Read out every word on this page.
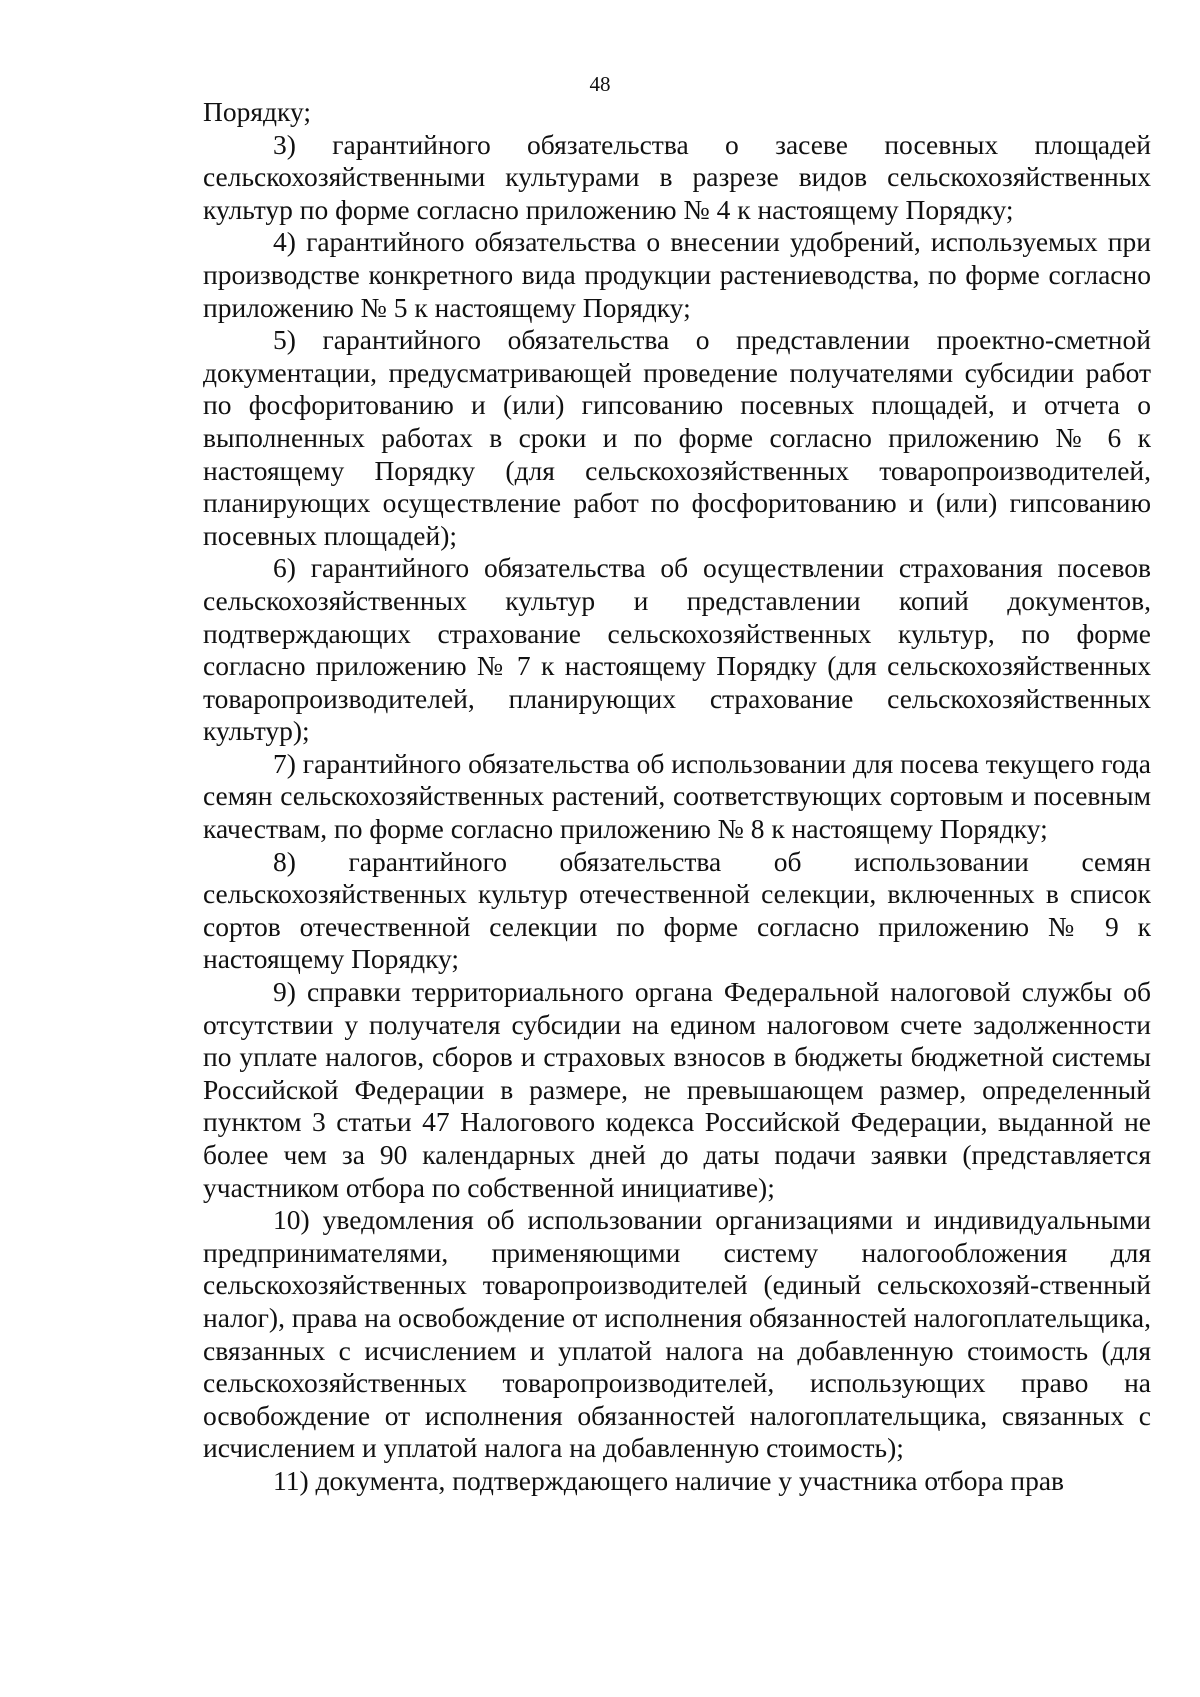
48

Порядку;

3) гарантийного обязательства о засеве посевных площадей сельскохозяйственными культурами в разрезе видов сельскохозяйственных культур по форме согласно приложению № 4 к настоящему Порядку;

4) гарантийного обязательства о внесении удобрений, используемых при производстве конкретного вида продукции растениеводства, по форме согласно приложению № 5 к настоящему Порядку;

5) гарантийного обязательства о представлении проектно-сметной документации, предусматривающей проведение получателями субсидии работ по фосфоритованию и (или) гипсованию посевных площадей, и отчета о выполненных работах в сроки и по форме согласно приложению № 6 к настоящему Порядку (для сельскохозяйственных товаропроизводителей, планирующих осуществление работ по фосфоритованию и (или) гипсованию посевных площадей);

6) гарантийного обязательства об осуществлении страхования посевов сельскохозяйственных культур и представлении копий документов, подтверждающих страхование сельскохозяйственных культур, по форме согласно приложению № 7 к настоящему Порядку (для сельскохозяйственных товаропроизводителей, планирующих страхование сельскохозяйственных культур);

7) гарантийного обязательства об использовании для посева текущего года семян сельскохозяйственных растений, соответствующих сортовым и посевным качествам, по форме согласно приложению № 8 к настоящему Порядку;

8) гарантийного обязательства об использовании семян сельскохозяйственных культур отечественной селекции, включенных в список сортов отечественной селекции по форме согласно приложению № 9 к настоящему Порядку;

9) справки территориального органа Федеральной налоговой службы об отсутствии у получателя субсидии на едином налоговом счете задолженности по уплате налогов, сборов и страховых взносов в бюджеты бюджетной системы Российской Федерации в размере, не превышающем размер, определенный пунктом 3 статьи 47 Налогового кодекса Российской Федерации, выданной не более чем за 90 календарных дней до даты подачи заявки (представляется участником отбора по собственной инициативе);

10) уведомления об использовании организациями и индивидуальными предпринимателями, применяющими систему налогообложения для сельскохозяйственных товаропроизводителей (единый сельскохозяй-ственный налог), права на освобождение от исполнения обязанностей налогоплательщика, связанных с исчислением и уплатой налога на добавленную стоимость (для сельскохозяйственных товаропроизводителей, использующих право на освобождение от исполнения обязанностей налогоплательщика, связанных с исчислением и уплатой налога на добавленную стоимость);

11) документа, подтверждающего наличие у участника отбора прав
